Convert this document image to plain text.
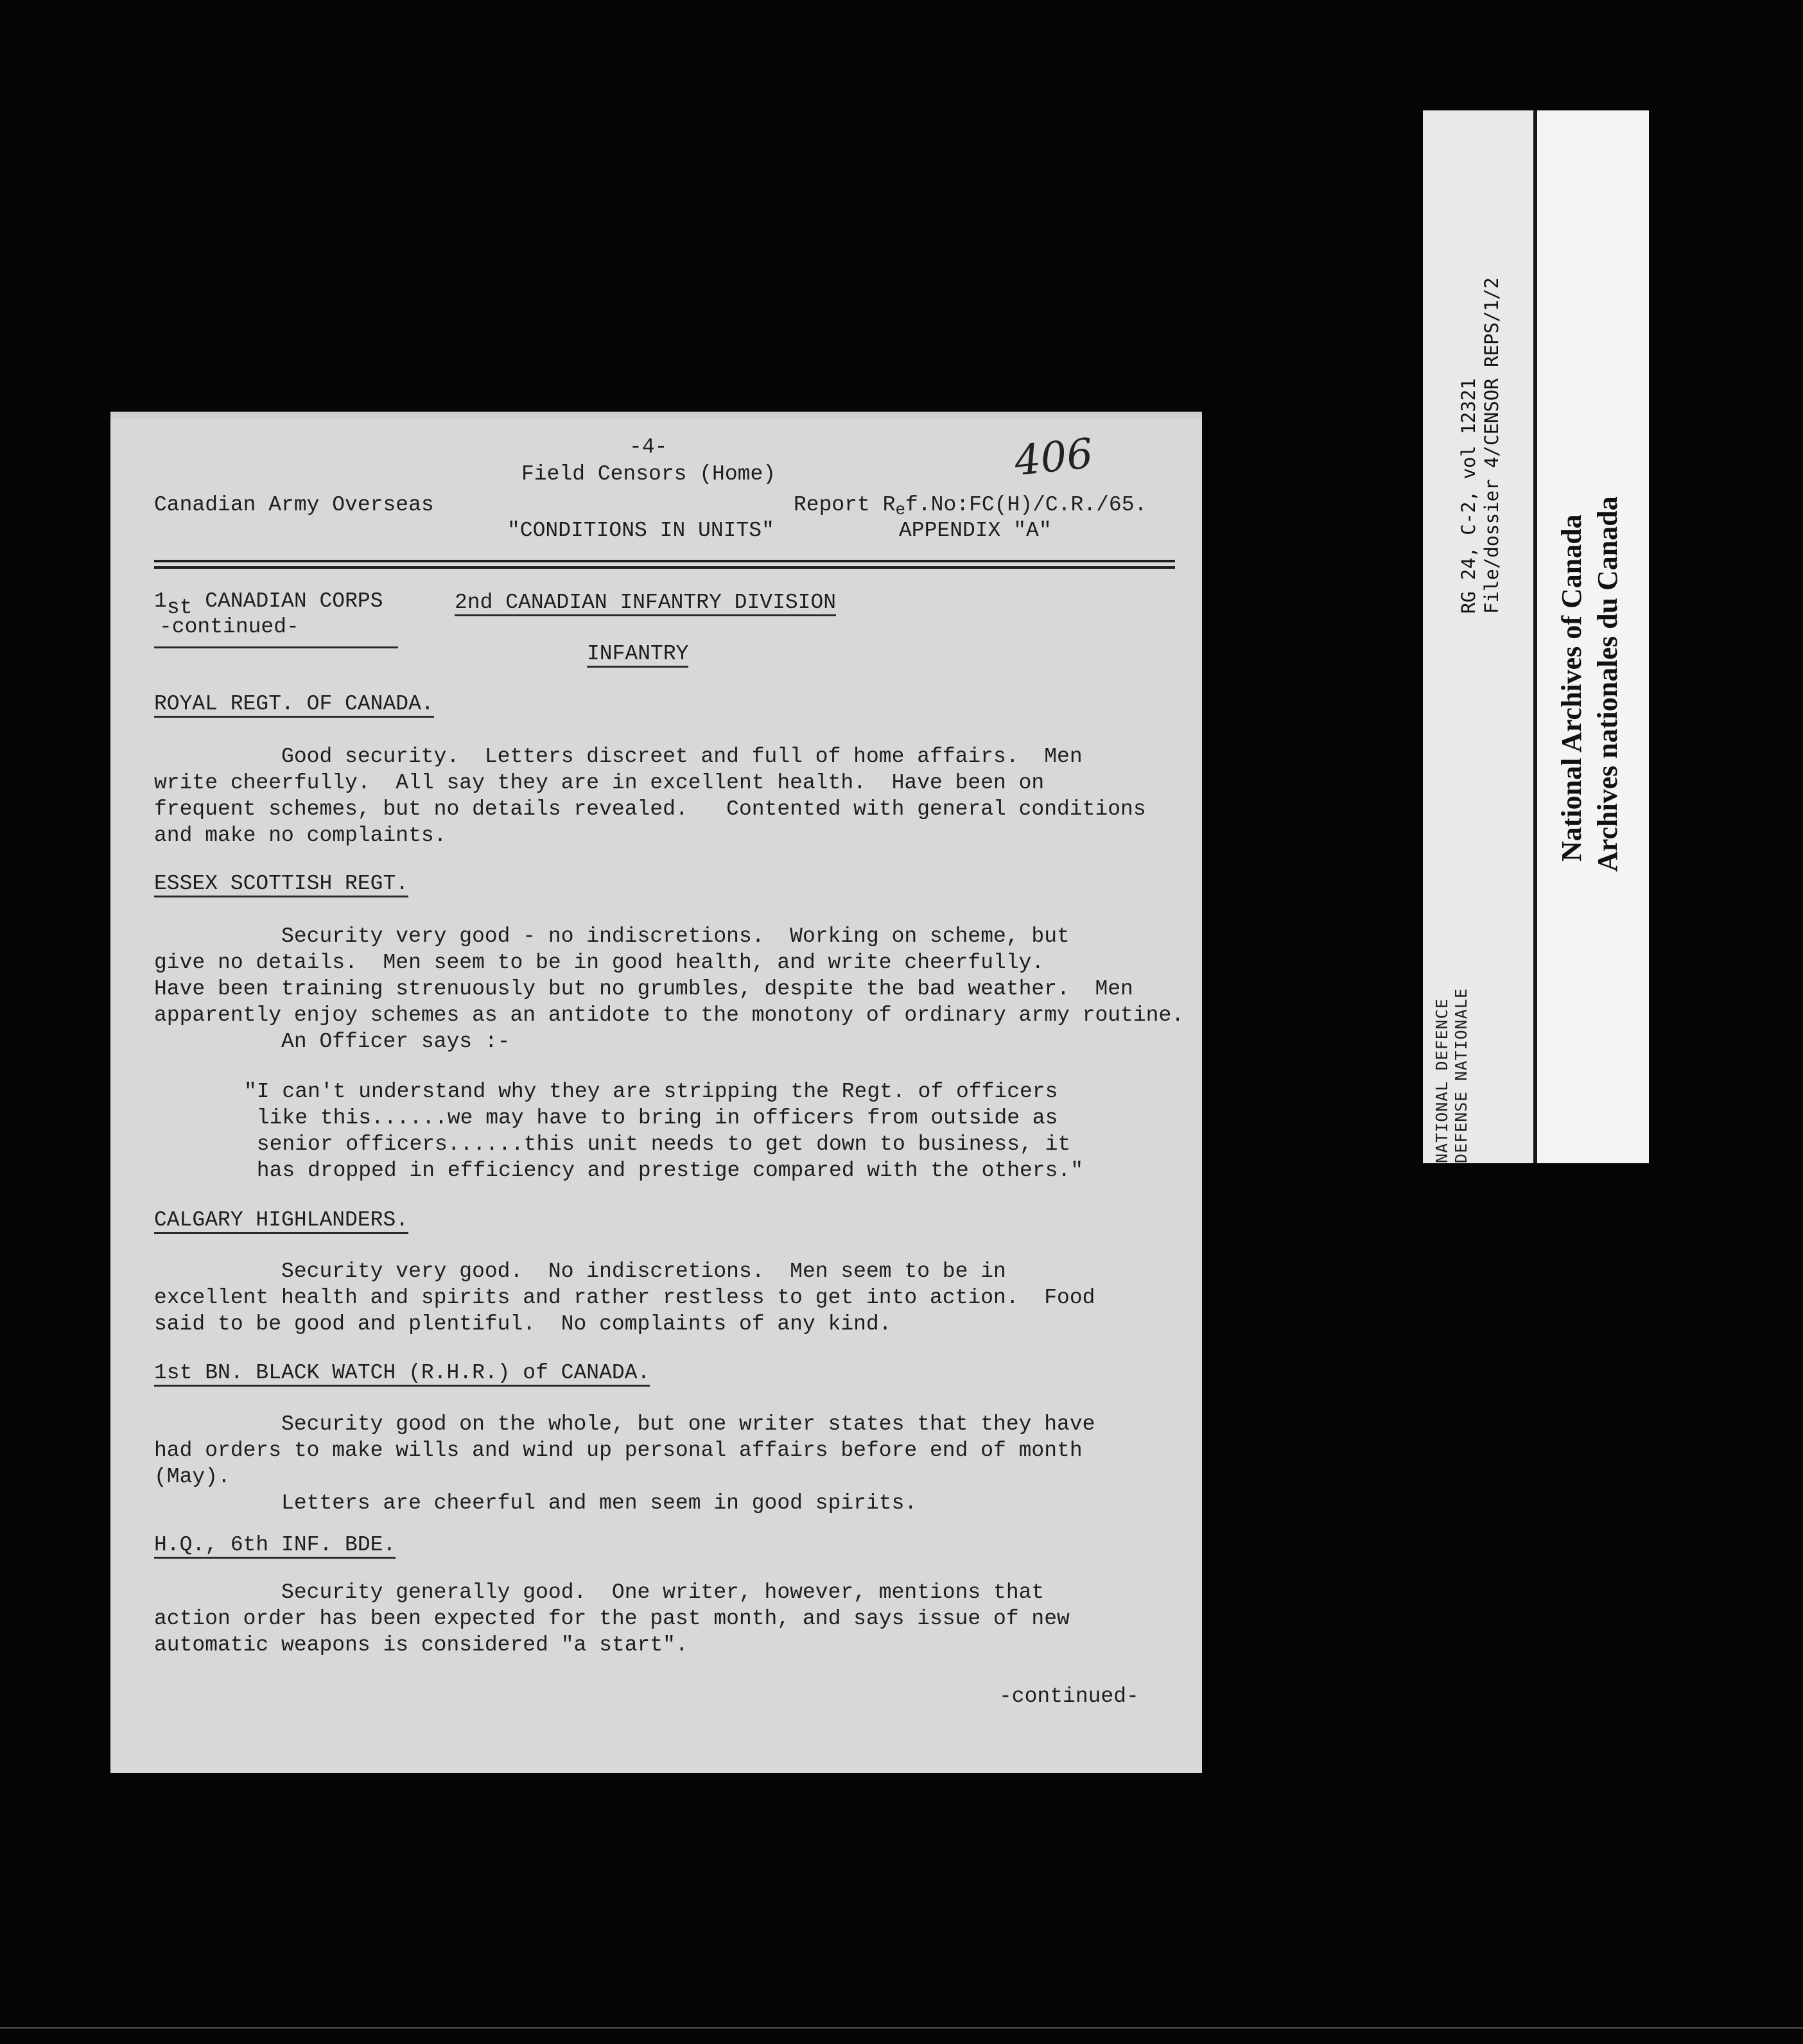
-4-
Field Censors (Home)	406
Canadian Army Overseas	Report Ref.No:FC(H)/C.R./65.
"CONDITIONS IN UNITS"	APPENDIX "A"
1st CANADIAN CORPS
-continued-
2nd CANADIAN INFANTRY DIVISION
INFANTRY
ROYAL REGT. OF CANADA.
Good security.  Letters discreet and full of home affairs.  Men
write cheerfully.  All say they are in excellent health.  Have been on
frequent schemes, but no details revealed.   Contented with general conditions
and make no complaints.
ESSEX SCOTTISH REGT.
Security very good - no indiscretions.  Working on scheme, but
give no details.  Men seem to be in good health, and write cheerfully.
Have been training strenuously but no grumbles, despite the bad weather.  Men
apparently enjoy schemes as an antidote to the monotony of ordinary army routine.
An Officer says :-
"I can't understand why they are stripping the Regt. of officers
like this......we may have to bring in officers from outside as
senior officers......this unit needs to get down to business, it
has dropped in efficiency and prestige compared with the others."
CALGARY HIGHLANDERS.
Security very good.  No indiscretions.  Men seem to be in
excellent health and spirits and rather restless to get into action.  Food
said to be good and plentiful.  No complaints of any kind.
1st BN. BLACK WATCH (R.H.R.) of CANADA.
Security good on the whole, but one writer states that they have
had orders to make wills and wind up personal affairs before end of month
(May).
Letters are cheerful and men seem in good spirits.
H.Q., 6th INF. BDE.
Security generally good.  One writer, however, mentions that
action order has been expected for the past month, and says issue of new
automatic weapons is considered "a start".
-continued-
RG 24, C-2, vol 12321 File/dossier 4/CENSOR REPS/1/2
NATIONAL DEFENCE DEFENSE NATIONALE
National Archives of Canada Archives nationales du Canada
